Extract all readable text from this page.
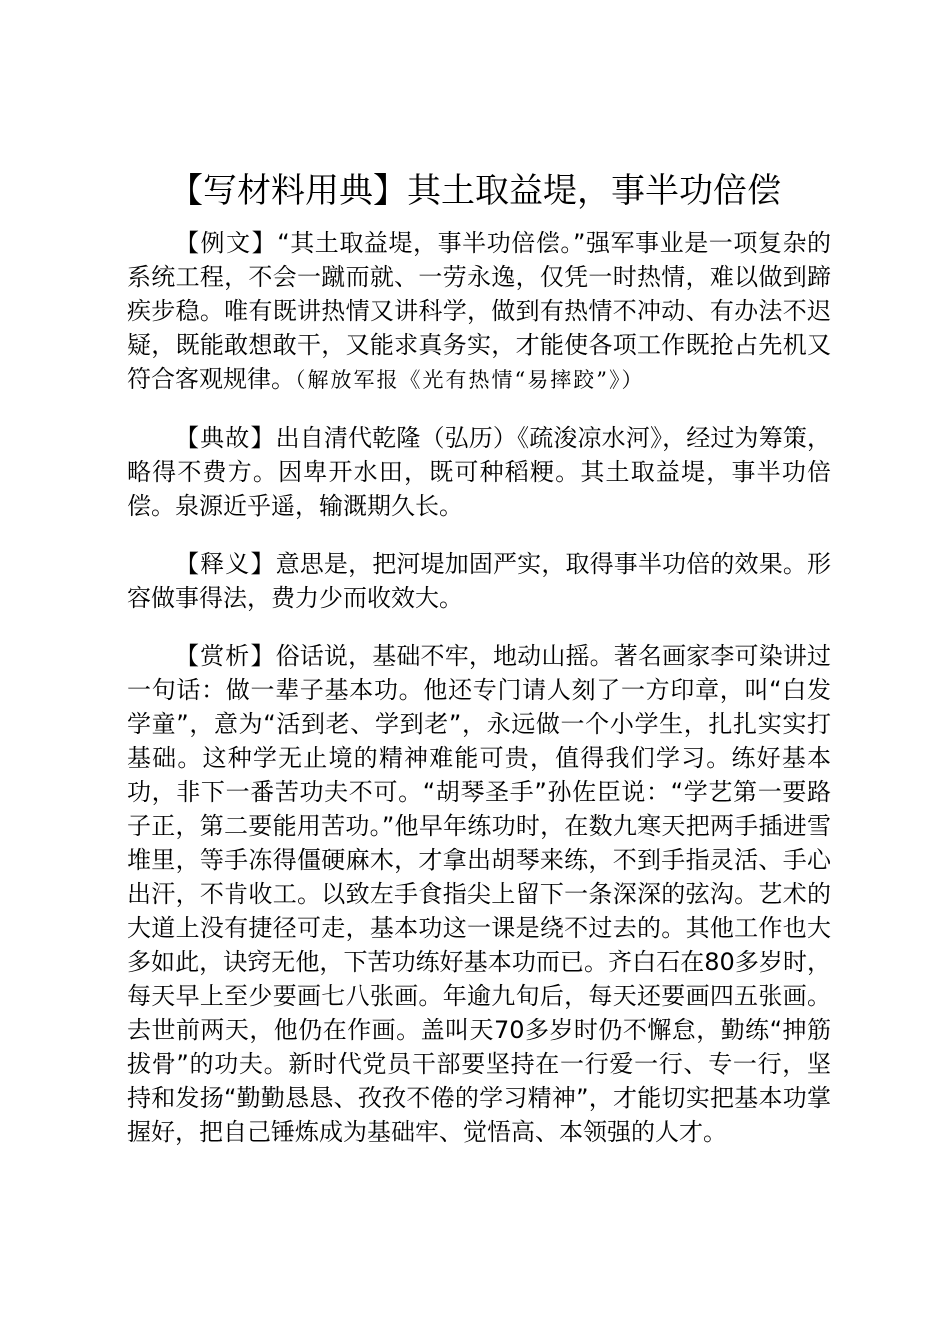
【写材料用典】其土取益堤，事半功倍偿

【例文】“其土取益堤，事半功倍偿。”强军事业是一项复杂的系统工程，不会一蹴而就、一劳永逸，仅凭一时热情，难以做到蹄疾步稳。唯有既讲热情又讲科学，做到有热情不冲动、有办法不迟疑，既能敢想敢干，又能求真务实，才能使各项工作既抢占先机又符合客观规律。（解放军报《光有热情“易摔跤”》）

【典故】出自清代乾隆（弘历）《疏浚凉水河》，经过为筹策，略得不费方。因卑开水田，既可种稻粳。其土取益堤，事半功倍偿。泉源近乎遥，输溉期久长。

【释义】意思是，把河堤加固严实，取得事半功倍的效果。形容做事得法，费力少而收效大。

【赏析】俗话说，基础不牢，地动山摇。著名画家李可染讲过一句话：做一辈子基本功。他还专门请人刻了一方印章，叫“白发学童”，意为“活到老、学到老”，永远做一个小学生，扎扎实实打基础。这种学无止境的精神难能可贵，值得我们学习。练好基本功，非下一番苦功夫不可。“胡琴圣手”孙佐臣说：“学艺第一要路子正，第二要能用苦功。”他早年练功时，在数九寒天把两手插进雪堆里，等手冻得僵硬麻木，才拿出胡琴来练，不到手指灵活、手心出汗，不肯收工。以致左手食指尖上留下一条深深的弦沟。艺术的大道上没有捷径可走，基本功这一课是绕不过去的。其他工作也大多如此，诀窍无他，下苦功练好基本功而已。齐白石在80多岁时，每天早上至少要画七八张画。年逾九旬后，每天还要画四五张画。去世前两天，他仍在作画。盖叫天70多岁时仍不懈怠，勤练“抻筋拔骨”的功夫。新时代党员干部要坚持在一行爱一行、专一行，坚持和发扬“勤勤恳恳、孜孜不倦的学习精神”，才能切实把基本功掌握好，把自己锤炼成为基础牢、觉悟高、本领强的人才。
